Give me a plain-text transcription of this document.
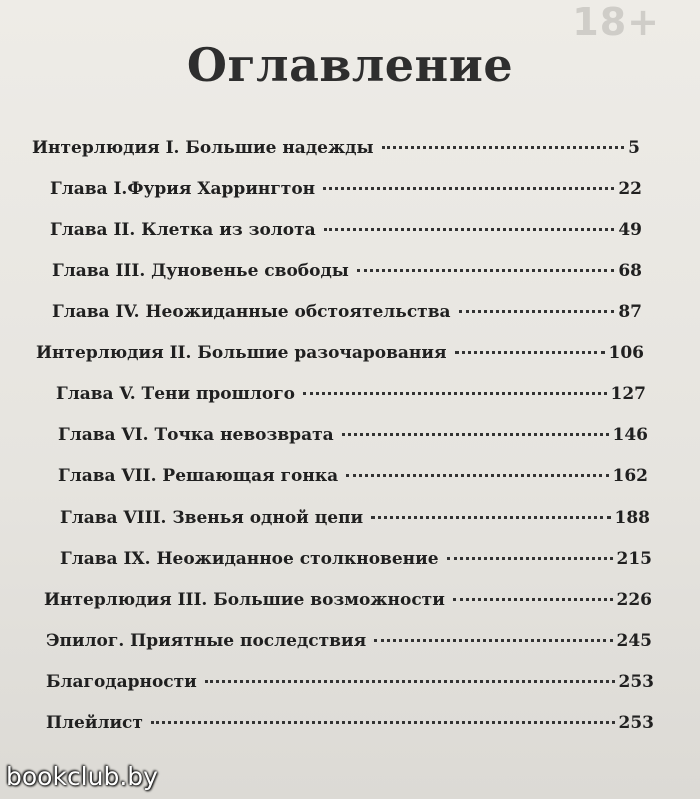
18+
Оглавление
Интерлюдия I. Большие надежды	5
Глава I.Фурия Харрингтон	22
Глава II. Клетка из золота	49
Глава III. Дуновенье свободы	68
Глава IV. Неожиданные обстоятельства	87
Интерлюдия II. Большие разочарования	106
Глава V. Тени прошлого	127
Глава VI. Точка невозврата	146
Глава VII. Решающая гонка	162
Глава VIII. Звенья одной цепи	188
Глава IX. Неожиданное столкновение	215
Интерлюдия III. Большие возможности	226
Эпилог. Приятные последствия	245
Благодарности	253
Плейлист	253
bookclub.by
